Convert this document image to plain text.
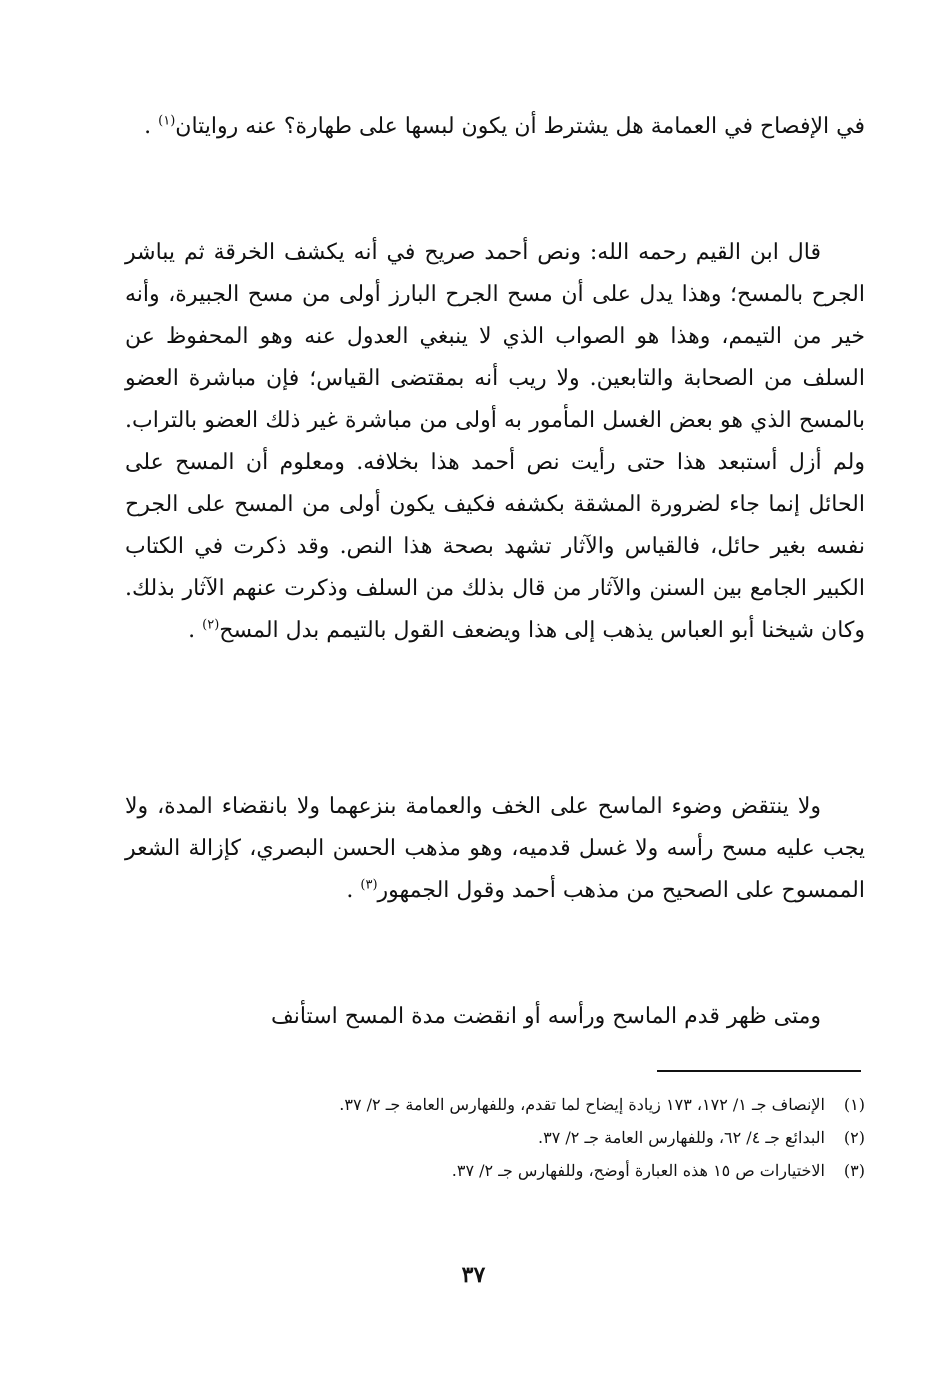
في الإفصاح في العمامة هل يشترط أن يكون لبسها على طهارة؟ عنه روايتان$^{(١)}$ .

قال ابن القيم رحمه الله: ونص أحمد صريح في أنه يكشف الخرقة ثم يباشر الجرح بالمسح؛ وهذا يدل على أن مسح الجرح البارز أولى من مسح الجبيرة، وأنه خير من التيمم، وهذا هو الصواب الذي لا ينبغي العدول عنه وهو المحفوظ عن السلف من الصحابة والتابعين. ولا ريب أنه بمقتضى القياس؛ فإن مباشرة العضو بالمسح الذي هو بعض الغسل المأمور به أولى من مباشرة غير ذلك العضو بالتراب. ولم أزل أستبعد هذا حتى رأيت نص أحمد هذا بخلافه. ومعلوم أن المسح على الحائل إنما جاء لضرورة المشقة بكشفه فكيف يكون أولى من المسح على الجرح نفسه بغير حائل، فالقياس والآثار تشهد بصحة هذا النص. وقد ذكرت في الكتاب الكبير الجامع بين السنن والآثار من قال بذلك من السلف وذكرت عنهم الآثار بذلك. وكان شيخنا أبو العباس يذهب إلى هذا ويضعف القول بالتيمم بدل المسح$^{(٢)}$ .

ولا ينتقض وضوء الماسح على الخف والعمامة بنزعهما ولا بانقضاء المدة، ولا يجب عليه مسح رأسه ولا غسل قدميه، وهو مذهب الحسن البصري، كإزالة الشعر الممسوح على الصحيح من مذهب أحمد وقول الجمهور$^{(٣)}$ .

ومتى ظهر قدم الماسح ورأسه أو انقضت مدة المسح استأنف

(١)الإنصاف جـ ١/ ١٧٢، ١٧٣ زيادة إيضاح لما تقدم، وللفهارس العامة جـ ٢/ ٣٧.
(٢)البدائع جـ ٤/ ٦٢، وللفهارس العامة جـ ٢/ ٣٧.
(٣)الاختيارات ص ١٥ هذه العبارة أوضح، وللفهارس جـ ٢/ ٣٧.
٣٧
